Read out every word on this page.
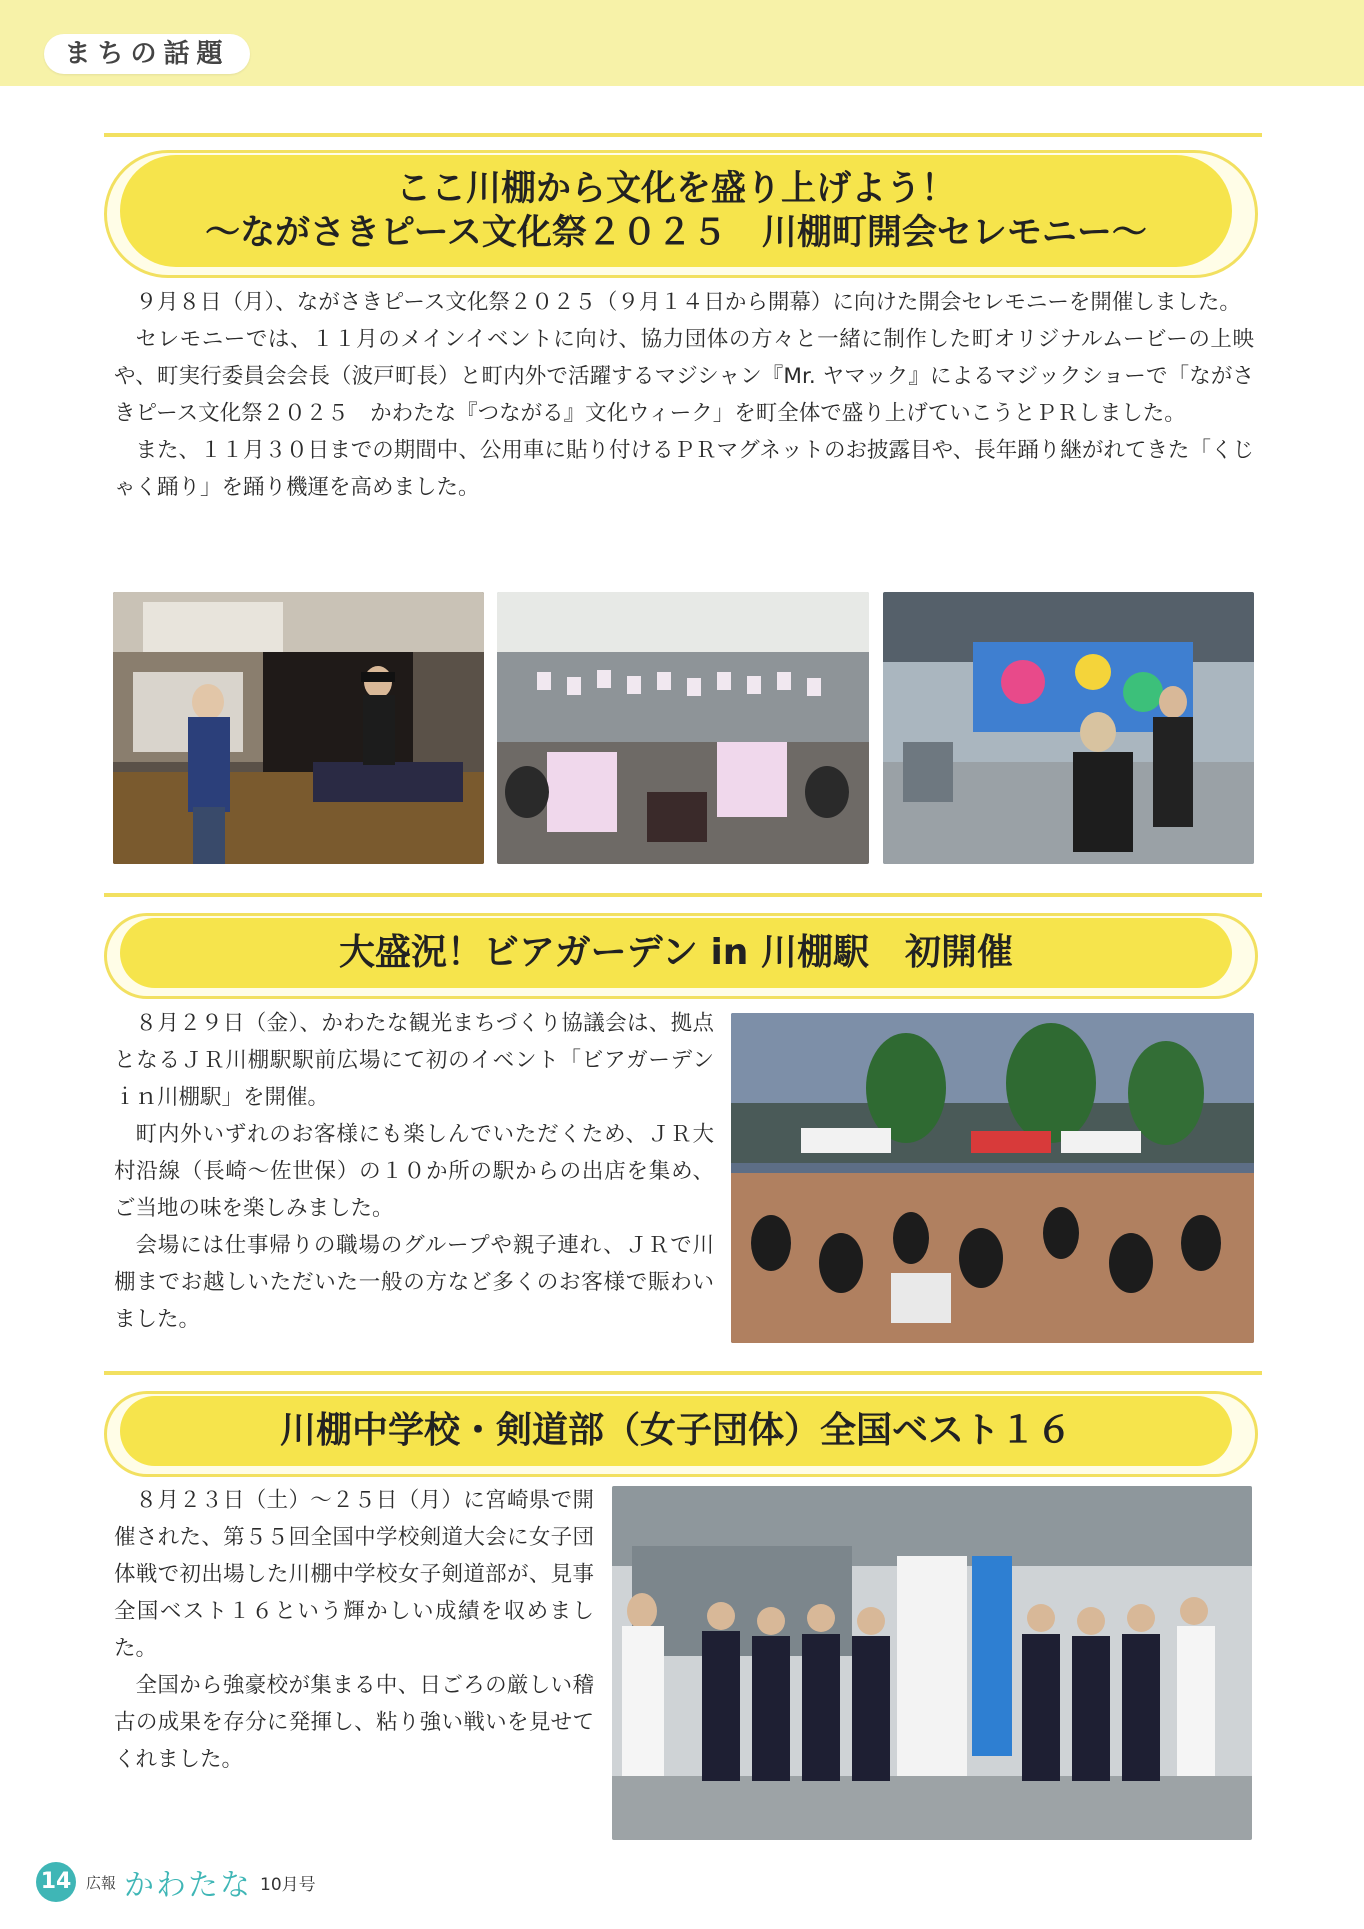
まちの話題
ここ川棚から文化を盛り上げよう！
～ながさきピース文化祭２０２５　川棚町開会セレモニー～

９月８日（月）、ながさきピース文化祭２０２５（９月１４日から開幕）に向けた開会セレモニーを開催しました。

セレモニーでは、１１月のメインイベントに向け、協力団体の方々と一緒に制作した町オリジナルムービーの上映や、町実行委員会会長（波戸町長）と町内外で活躍するマジシャン『Mr. ヤマック』によるマジックショーで「ながさきピース文化祭２０２５　かわたな『つながる』文化ウィーク」を町全体で盛り上げていこうとＰＲしました。

また、１１月３０日までの期間中、公用車に貼り付けるＰＲマグネットのお披露目や、長年踊り継がれてきた「くじゃく踊り」を踊り機運を高めました。

大盛況！ビアガーデン in 川棚駅　初開催

８月２９日（金）、かわたな観光まちづくり協議会は、拠点となるＪＲ川棚駅駅前広場にて初のイベント「ビアガーデンｉｎ川棚駅」を開催。

町内外いずれのお客様にも楽しんでいただくため、ＪＲ大村沿線（長崎～佐世保）の１０か所の駅からの出店を集め、ご当地の味を楽しみました。

会場には仕事帰りの職場のグループや親子連れ、ＪＲで川棚までお越しいただいた一般の方など多くのお客様で賑わいました。

川棚中学校・剣道部（女子団体）全国ベスト１６

８月２３日（土）～２５日（月）に宮崎県で開催された、第５５回全国中学校剣道大会に女子団体戦で初出場した川棚中学校女子剣道部が、見事全国ベスト１６という輝かしい成績を収めました。

全国から強豪校が集まる中、日ごろの厳しい稽古の成果を存分に発揮し、粘り強い戦いを見せてくれました。

14 広報 かわたな 10月号
